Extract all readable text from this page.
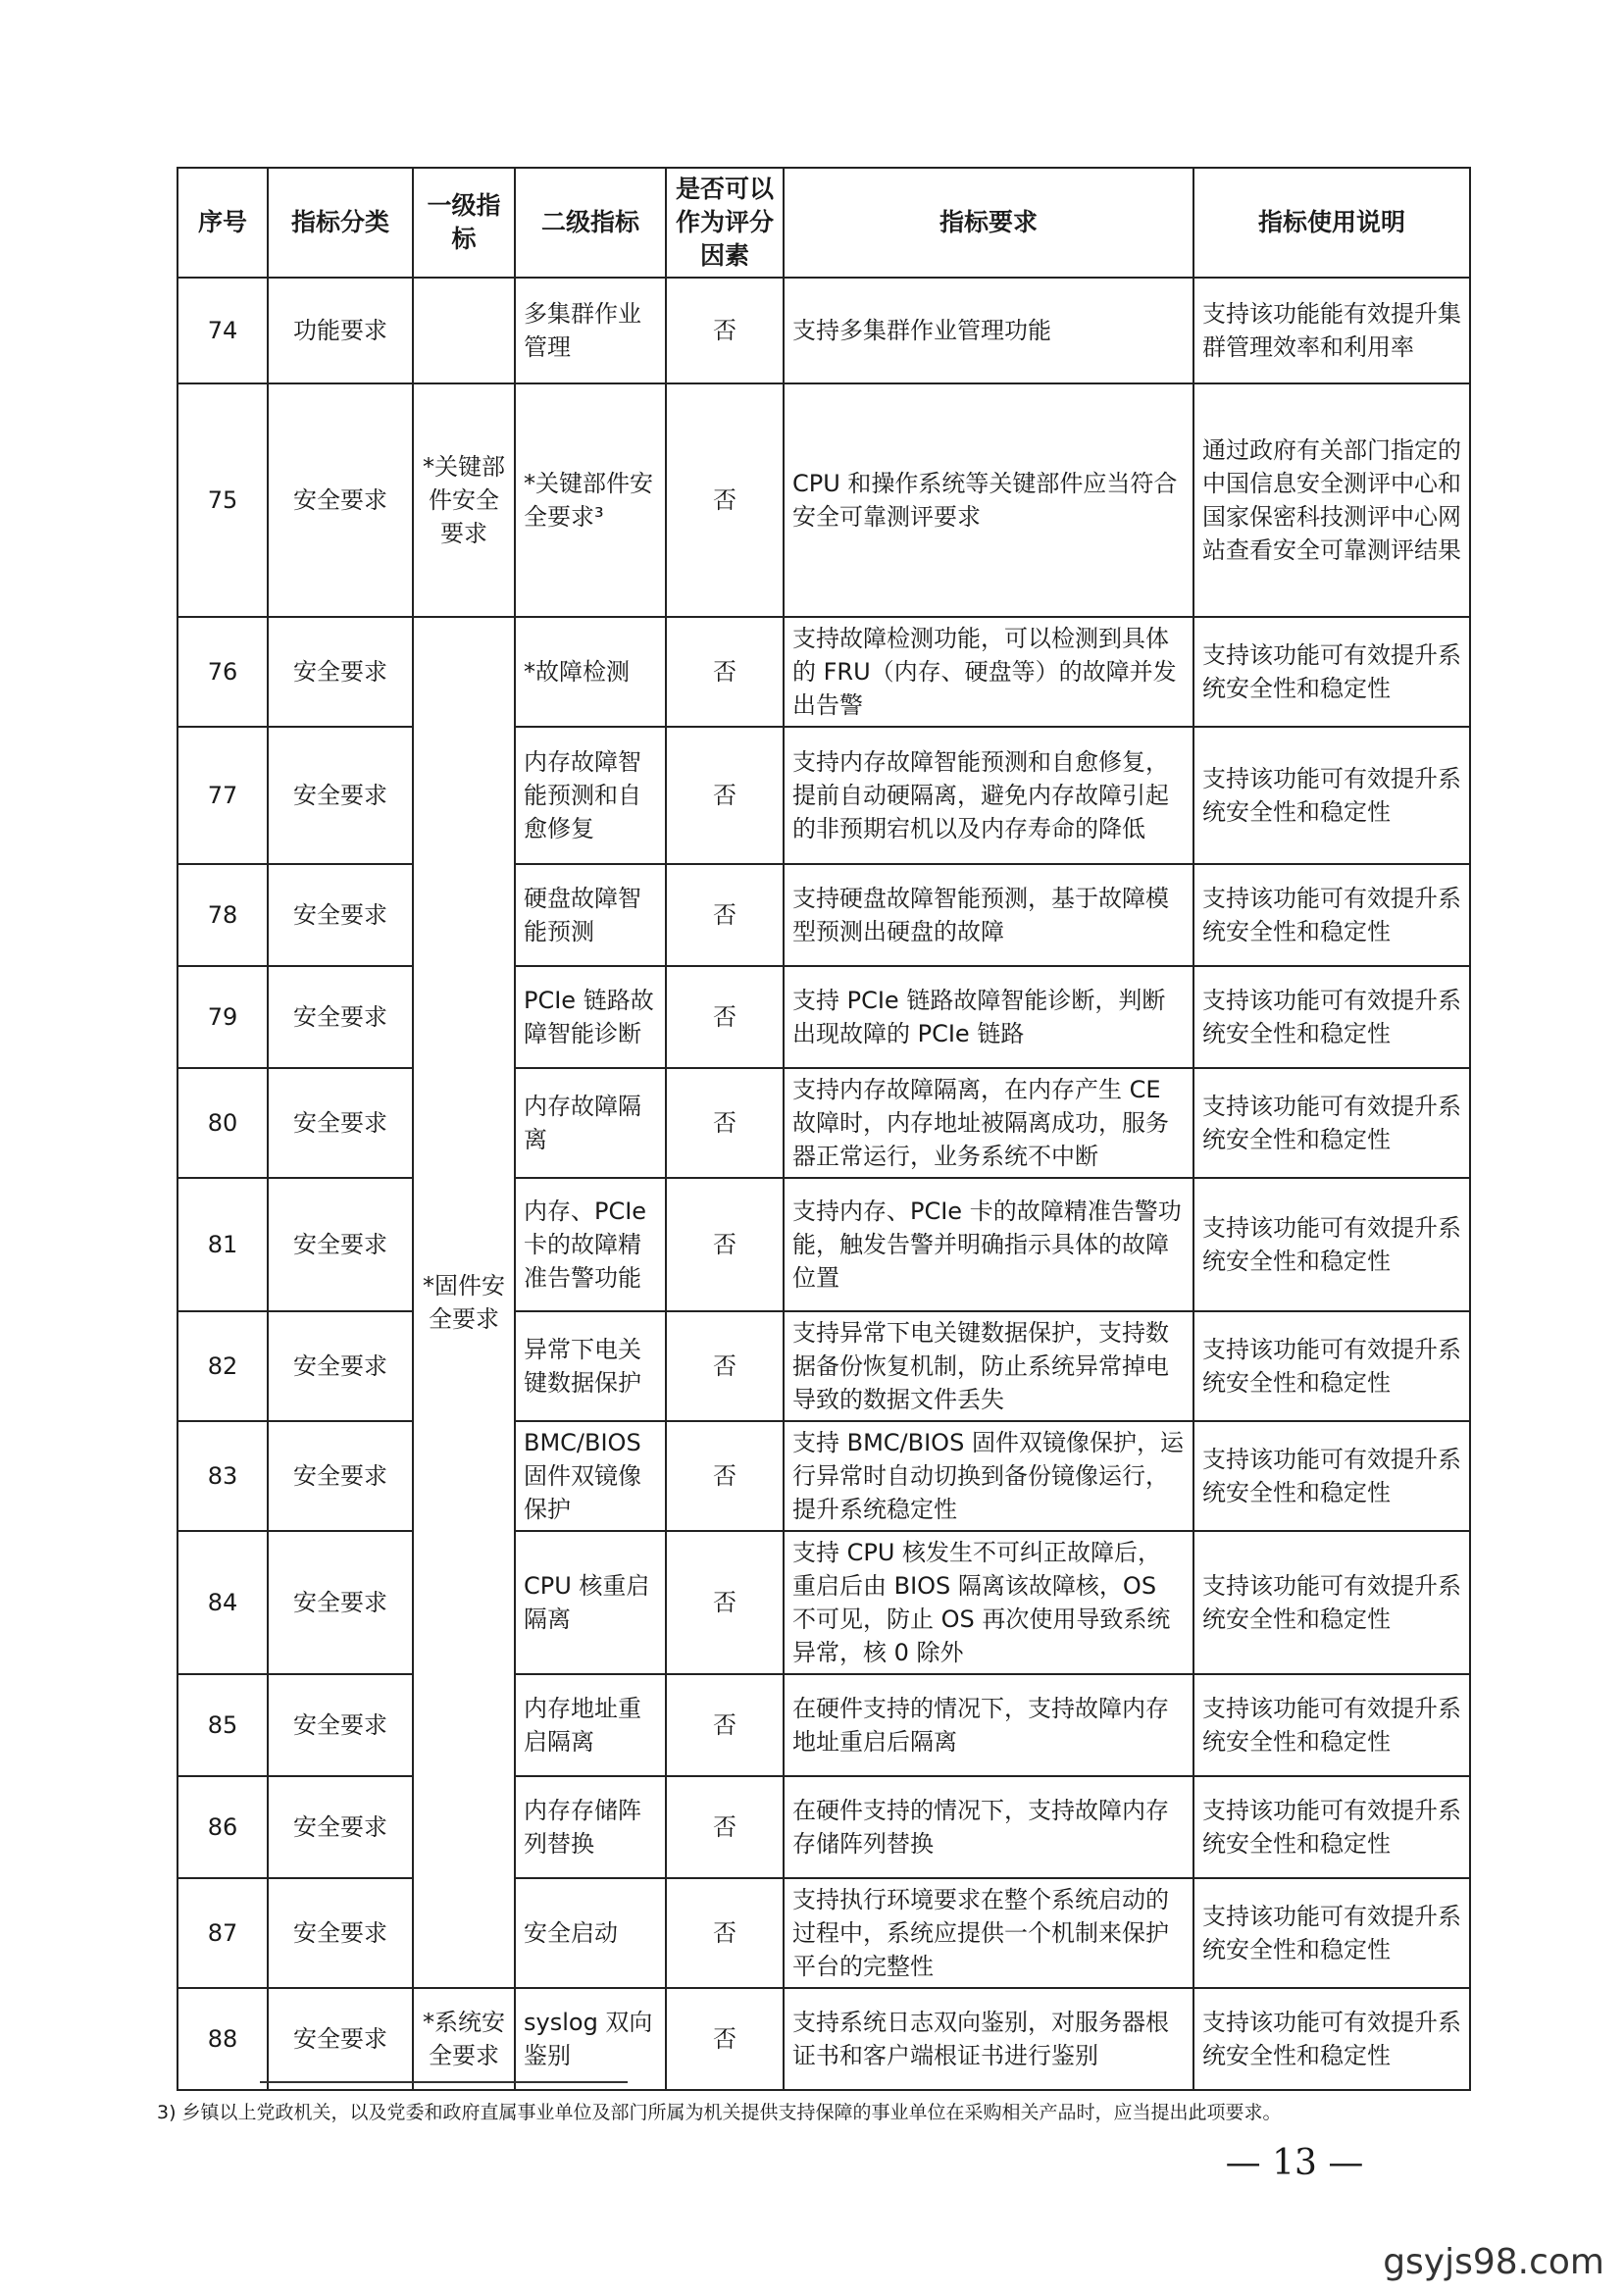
序号	指标分类	一级指标	二级指标	是否可以作为评分因素	指标要求	指标使用说明
74	功能要求		多集群作业管理	否	支持多集群作业管理功能	支持该功能能有效提升集群管理效率和利用率
75	安全要求	*关键部件安全要求	*关键部件安全要求³	否	CPU 和操作系统等关键部件应当符合安全可靠测评要求	通过政府有关部门指定的中国信息安全测评中心和国家保密科技测评中心网站查看安全可靠测评结果
76	安全要求	*固件安全要求	*故障检测	否	支持故障检测功能，可以检测到具体的 FRU（内存、硬盘等）的故障并发出告警	支持该功能可有效提升系统安全性和稳定性
77	安全要求		内存故障智能预测和自愈修复	否	支持内存故障智能预测和自愈修复，提前自动硬隔离，避免内存故障引起的非预期宕机以及内存寿命的降低	支持该功能可有效提升系统安全性和稳定性
78	安全要求		硬盘故障智能预测	否	支持硬盘故障智能预测，基于故障模型预测出硬盘的故障	支持该功能可有效提升系统安全性和稳定性
79	安全要求		PCIe 链路故障智能诊断	否	支持 PCIe 链路故障智能诊断，判断出现故障的 PCIe 链路	支持该功能可有效提升系统安全性和稳定性
80	安全要求		内存故障隔离	否	支持内存故障隔离，在内存产生 CE 故障时，内存地址被隔离成功，服务器正常运行，业务系统不中断	支持该功能可有效提升系统安全性和稳定性
81	安全要求		内存、PCIe 卡的故障精准告警功能	否	支持内存、PCIe 卡的故障精准告警功能，触发告警并明确指示具体的故障位置	支持该功能可有效提升系统安全性和稳定性
82	安全要求		异常下电关键数据保护	否	支持异常下电关键数据保护，支持数据备份恢复机制，防止系统异常掉电导致的数据文件丢失	支持该功能可有效提升系统安全性和稳定性
83	安全要求		BMC/BIOS 固件双镜像保护	否	支持 BMC/BIOS 固件双镜像保护，运行异常时自动切换到备份镜像运行，提升系统稳定性	支持该功能可有效提升系统安全性和稳定性
84	安全要求		CPU 核重启隔离	否	支持 CPU 核发生不可纠正故障后，重启后由 BIOS 隔离该故障核，OS 不可见，防止 OS 再次使用导致系统异常，核 0 除外	支持该功能可有效提升系统安全性和稳定性
85	安全要求		内存地址重启隔离	否	在硬件支持的情况下，支持故障内存地址重启后隔离	支持该功能可有效提升系统安全性和稳定性
86	安全要求		内存存储阵列替换	否	在硬件支持的情况下，支持故障内存存储阵列替换	支持该功能可有效提升系统安全性和稳定性
87	安全要求		安全启动	否	支持执行环境要求在整个系统启动的过程中，系统应提供一个机制来保护平台的完整性	支持该功能可有效提升系统安全性和稳定性
88	安全要求	*系统安全要求	syslog 双向鉴别	否	支持系统日志双向鉴别，对服务器根证书和客户端根证书进行鉴别	支持该功能可有效提升系统安全性和稳定性
3) 乡镇以上党政机关，以及党委和政府直属事业单位及部门所属为机关提供支持保障的事业单位在采购相关产品时，应当提出此项要求。
— 13 —
gsyjs98.com
